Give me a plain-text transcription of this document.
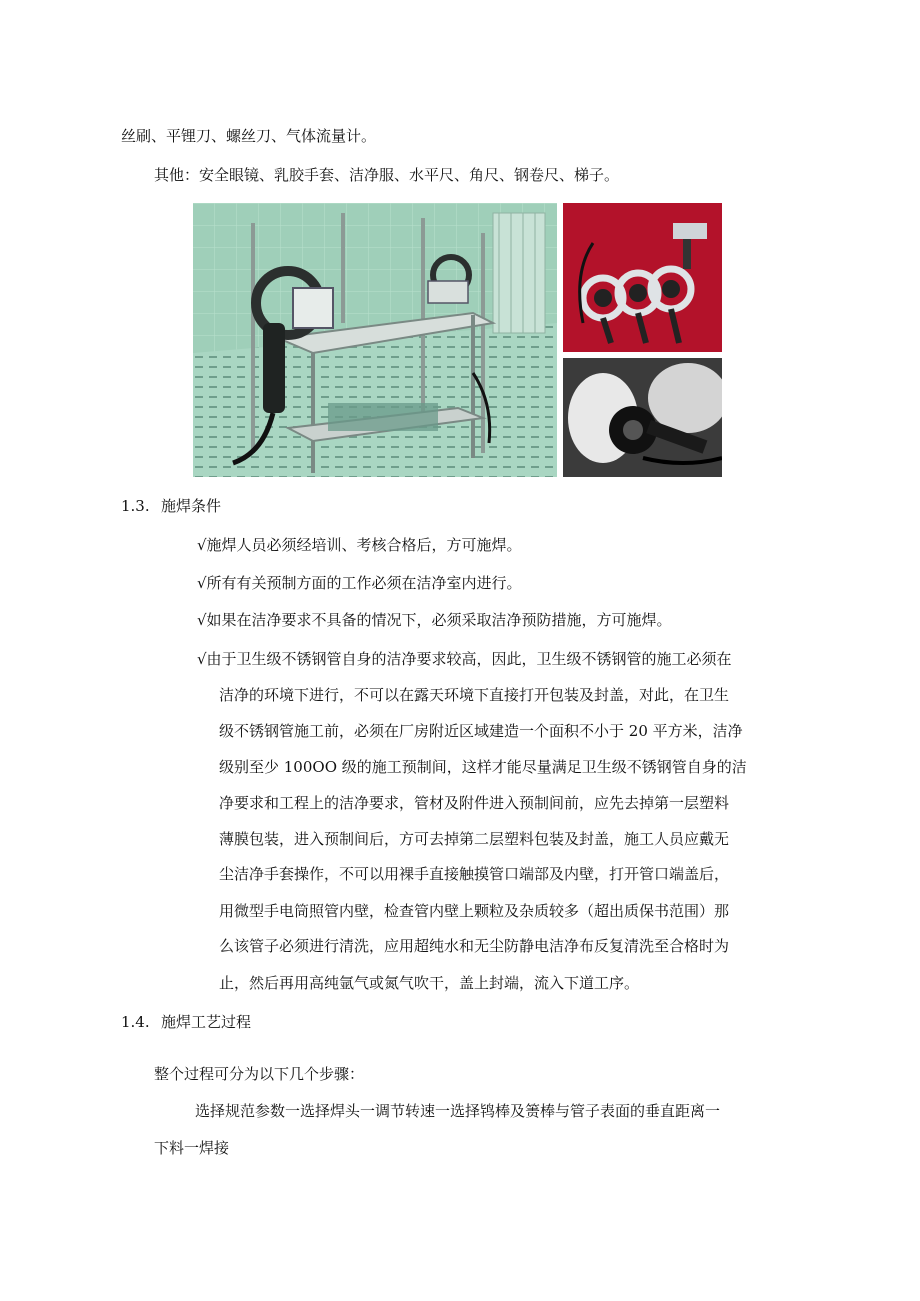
丝刷、平锂刀、螺丝刀、气体流量计。
其他：安全眼镜、乳胶手套、洁净服、水平尺、角尺、钢卷尺、梯子。
1.3. 施焊条件
√施焊人员必须经培训、考核合格后，方可施焊。
√所有有关预制方面的工作必须在洁净室内进行。
√如果在洁净要求不具备的情况下，必须采取洁净预防措施，方可施焊。
√由于卫生级不锈钢管自身的洁净要求较高，因此，卫生级不锈钢管的施工必须在
洁净的环境下进行，不可以在露天环境下直接打开包装及封盖，对此，在卫生
级不锈钢管施工前，必须在厂房附近区域建造一个面积不小于 20 平方米，洁净
级别至少 100OO 级的施工预制间，这样才能尽量满足卫生级不锈钢管自身的洁
净要求和工程上的洁净要求，管材及附件进入预制间前，应先去掉第一层塑料
薄膜包装，进入预制间后，方可去掉第二层塑料包装及封盖，施工人员应戴无
尘洁净手套操作，不可以用裸手直接触摸管口端部及内壁，打开管口端盖后，
用微型手电筒照管内壁，检查管内壁上颗粒及杂质较多（超出质保书范围）那
么该管子必须进行清洗，应用超纯水和无尘防静电洁净布反复清洗至合格时为
止，然后再用高纯氩气或氮气吹干，盖上封端，流入下道工序。
1.4. 施焊工艺过程
整个过程可分为以下几个步骤：
选择规范参数一选择焊头一调节转速一选择鸨棒及箦棒与管子表面的垂直距离一
下料一焊接
